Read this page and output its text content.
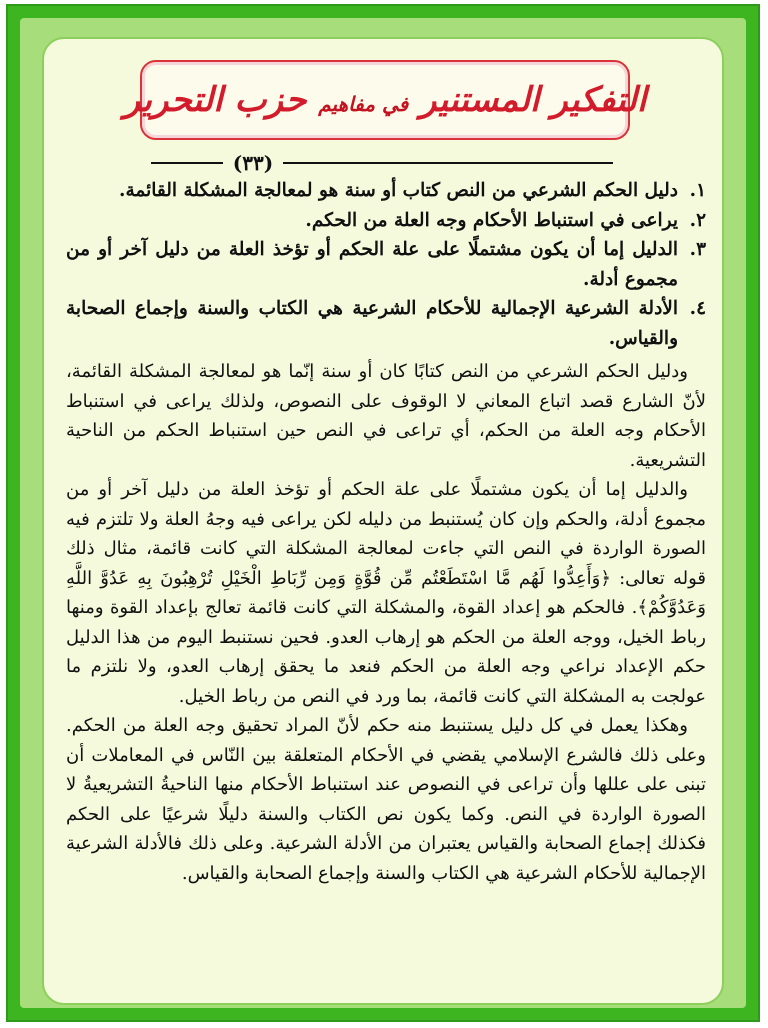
التفكير المستنير في مفاهيم حزب التحرير
(٣٣)
١.
دليل الحكم الشرعي من النص كتاب أو سنة هو لمعالجة المشكلة القائمة.
٢.
يراعى في استنباط الأحكام وجه العلة من الحكم.
٣.
الدليل إما أن يكون مشتملًا على علة الحكم أو تؤخذ العلة من دليل آخر أو من مجموع أدلة.
٤.
الأدلة الشرعية الإجمالية للأحكام الشرعية هي الكتاب والسنة وإجماع الصحابة والقياس.

ودليل الحكم الشرعي من النص كتابًا كان أو سنة إنّما هو لمعالجة المشكلة القائمة، لأنّ الشارع قصد اتباع المعاني لا الوقوف على النصوص، ولذلك يراعى في استنباط الأحكام وجه العلة من الحكم، أي تراعى في النص حين استنباط الحكم من الناحية التشريعية.

والدليل إما أن يكون مشتملًا على علة الحكم أو تؤخذ العلة من دليل آخر أو من مجموع أدلة، والحكم وإن كان يُستنبط من دليله لكن يراعى فيه وجهُ العلة ولا تلتزم فيه الصورة الواردة في النص التي جاءت لمعالجة المشكلة التي كانت قائمة، مثال ذلك قوله تعالى: ﴿وَأَعِدُّوا لَهُم مَّا اسْتَطَعْتُم مِّن قُوَّةٍ وَمِن رِّبَاطِ الْخَيْلِ تُرْهِبُونَ بِهِ عَدُوَّ اللَّهِ وَعَدُوَّكُمْ﴾. فالحكم هو إعداد القوة، والمشكلة التي كانت قائمة تعالج بإعداد القوة ومنها رباط الخيل، ووجه العلة من الحكم هو إرهاب العدو. فحين نستنبط اليوم من هذا الدليل حكم الإعداد نراعي وجه العلة من الحكم فنعد ما يحقق إرهاب العدو، ولا نلتزم ما عولجت به المشكلة التي كانت قائمة، بما ورد في النص من رباط الخيل.

وهكذا يعمل في كل دليل يستنبط منه حكم لأنّ المراد تحقيق وجه العلة من الحكم. وعلى ذلك فالشرع الإسلامي يقضي في الأحكام المتعلقة بين النّاس في المعاملات أن تبنى على عللها وأن تراعى في النصوص عند استنباط الأحكام منها الناحيةُ التشريعيةُ لا الصورة الواردة في النص. وكما يكون نص الكتاب والسنة دليلًا شرعيًا على الحكم فكذلك إجماع الصحابة والقياس يعتبران من الأدلة الشرعية. وعلى ذلك فالأدلة الشرعية الإجمالية للأحكام الشرعية هي الكتاب والسنة وإجماع الصحابة والقياس.
